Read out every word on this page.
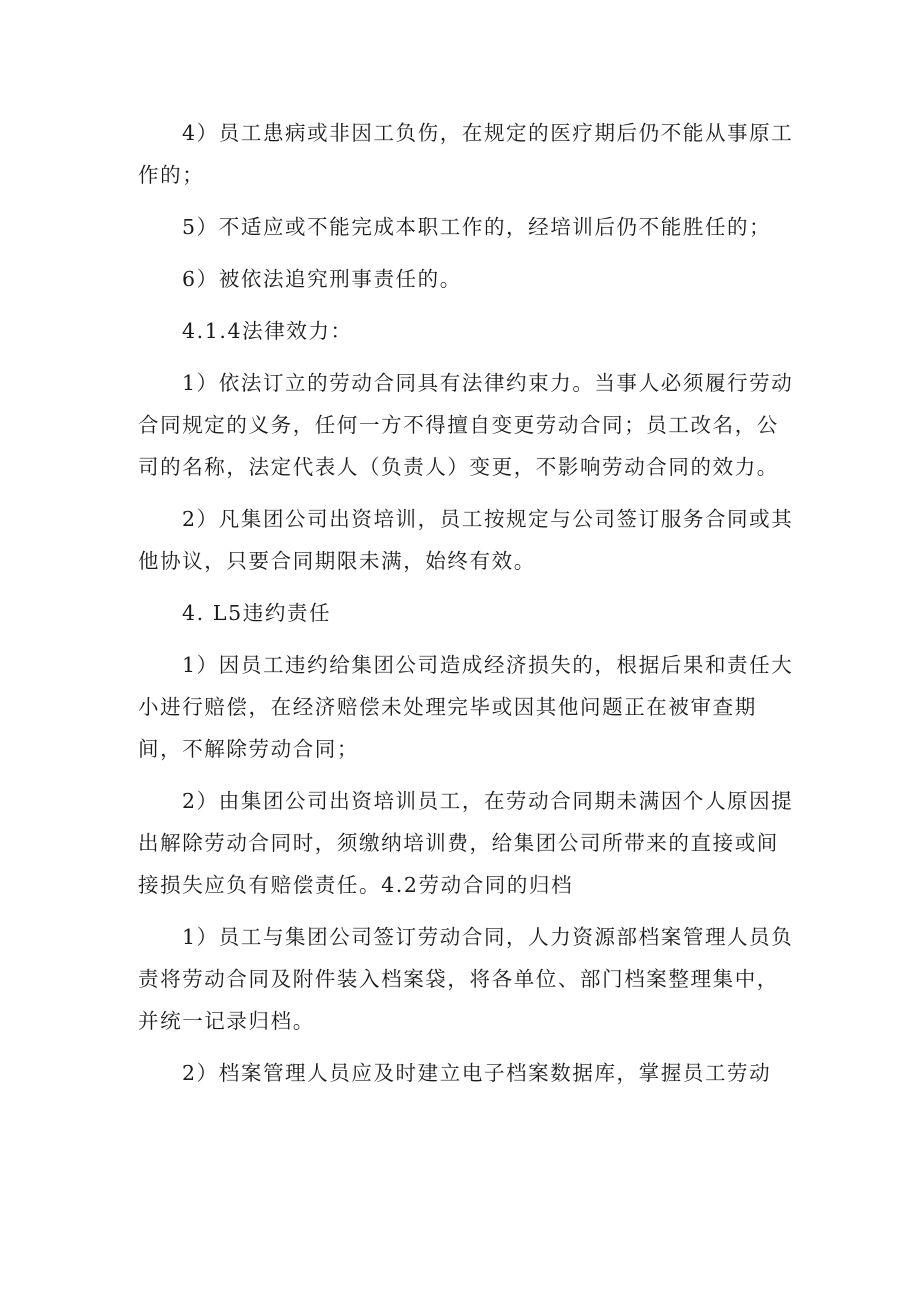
4）员工患病或非因工负伤，在规定的医疗期后仍不能从事原工作的；

5）不适应或不能完成本职工作的，经培训后仍不能胜任的；

6）被依法追究刑事责任的。

4.1.4法律效力：

1）依法订立的劳动合同具有法律约束力。当事人必须履行劳动合同规定的义务，任何一方不得擅自变更劳动合同；员工改名，公司的名称，法定代表人（负责人）变更，不影响劳动合同的效力。

2）凡集团公司出资培训，员工按规定与公司签订服务合同或其他协议，只要合同期限未满，始终有效。

4. L5违约责任

1）因员工违约给集团公司造成经济损失的，根据后果和责任大小进行赔偿，在经济赔偿未处理完毕或因其他问题正在被审查期间，不解除劳动合同；

2）由集团公司出资培训员工，在劳动合同期未满因个人原因提出解除劳动合同时，须缴纳培训费，给集团公司所带来的直接或间接损失应负有赔偿责任。4.2劳动合同的归档

1）员工与集团公司签订劳动合同，人力资源部档案管理人员负责将劳动合同及附件装入档案袋，将各单位、部门档案整理集中，并统一记录归档。

2）档案管理人员应及时建立电子档案数据库，掌握员工劳动
